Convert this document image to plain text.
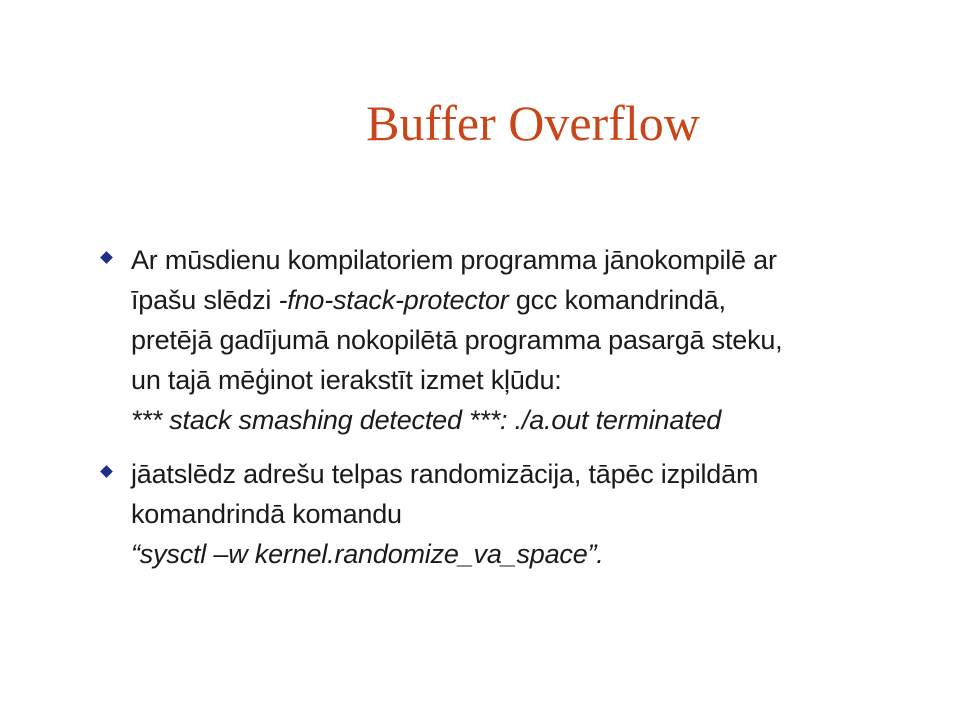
Buffer Overflow
Ar mūsdienu kompilatoriem programma jānokompilē ar
īpašu slēdzi -fno-stack-protector gcc komandrindā,
pretējā gadījumā nokopilētā programma pasargā steku,
un tajā mēģinot ierakstīt izmet kļūdu:
*** stack smashing detected ***: ./a.out terminated
jāatslēdz adrešu telpas randomizācija, tāpēc izpildām
komandrindā komandu
“sysctl –w kernel.randomize_va_space”.
